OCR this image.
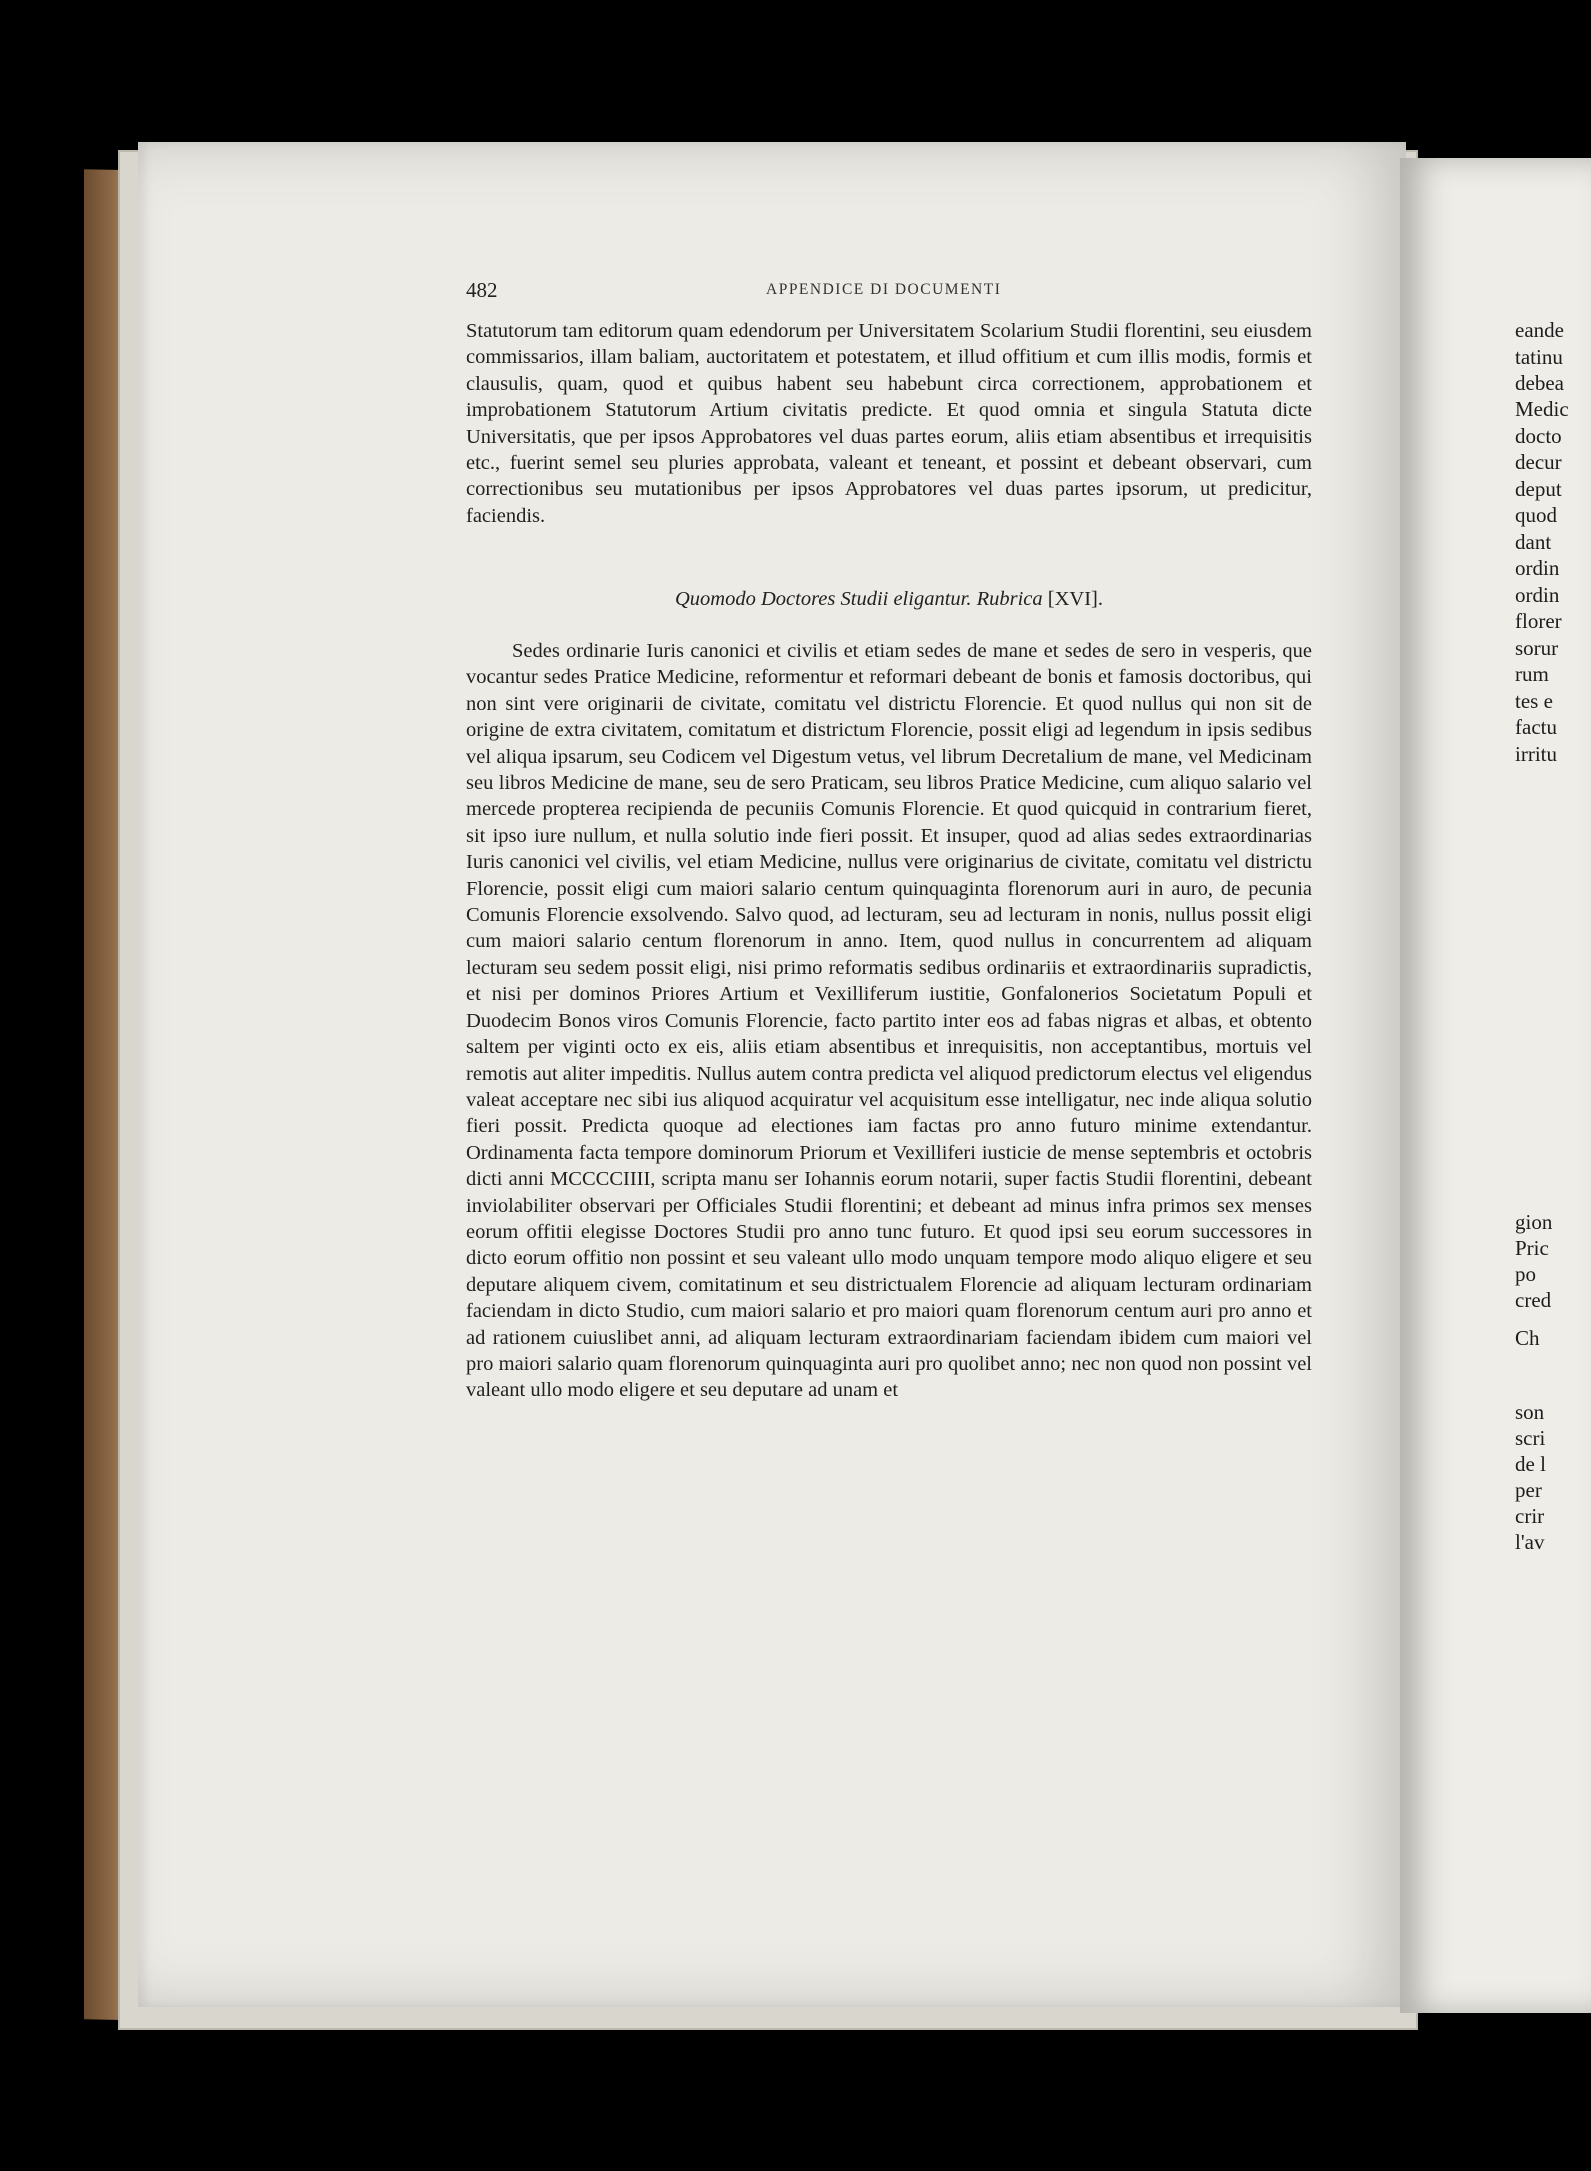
eande
tatinu
debea
Medic
docto
decur
deput
quod
dant
ordin
ordin
florer
sorur
rum
tes e
factu
irritu
gion
Pric
po
cred
Ch
son
scri
de l
per
crir
l'av
482	APPENDICE DI DOCUMENTI
Statutorum tam editorum quam edendorum per Universitatem Scolarium Studii florentini, seu eiusdem commissarios, illam baliam, auctoritatem et potestatem, et illud offitium et cum illis modis, formis et clausulis, quam, quod et quibus habent seu habebunt circa correctionem, approbationem et improbationem Statutorum Artium civitatis predicte. Et quod omnia et singula Statuta dicte Universitatis, que per ipsos Approbatores vel duas partes eorum, aliis etiam absentibus et irrequisitis etc., fuerint semel seu pluries approbata, valeant et teneant, et possint et debeant observari, cum correctionibus seu mutationibus per ipsos Approbatores vel duas partes ipsorum, ut predicitur, faciendis.
Quomodo Doctores Studii eligantur. Rubrica [XVI].
Sedes ordinarie Iuris canonici et civilis et etiam sedes de mane et sedes de sero in vesperis, que vocantur sedes Pratice Medicine, reformentur et reformari debeant de bonis et famosis doctoribus, qui non sint vere originarii de civitate, comitatu vel districtu Florencie. Et quod nullus qui non sit de origine de extra civitatem, comitatum et districtum Florencie, possit eligi ad legendum in ipsis sedibus vel aliqua ipsarum, seu Codicem vel Digestum vetus, vel librum Decretalium de mane, vel Medicinam seu libros Medicine de mane, seu de sero Praticam, seu libros Pratice Medicine, cum aliquo salario vel mercede propterea recipienda de pecuniis Comunis Florencie. Et quod quicquid in contrarium fieret, sit ipso iure nullum, et nulla solutio inde fieri possit. Et insuper, quod ad alias sedes extraordinarias Iuris canonici vel civilis, vel etiam Medicine, nullus vere originarius de civitate, comitatu vel districtu Florencie, possit eligi cum maiori salario centum quinquaginta florenorum auri in auro, de pecunia Comunis Florencie exsolvendo. Salvo quod, ad lecturam, seu ad lecturam in nonis, nullus possit eligi cum maiori salario centum florenorum in anno. Item, quod nullus in concurrentem ad aliquam lecturam seu sedem possit eligi, nisi primo reformatis sedibus ordinariis et extraordinariis supradictis, et nisi per dominos Priores Artium et Vexilliferum iustitie, Gonfalonerios Societatum Populi et Duodecim Bonos viros Comunis Florencie, facto partito inter eos ad fabas nigras et albas, et obtento saltem per viginti octo ex eis, aliis etiam absentibus et inrequisitis, non acceptantibus, mortuis vel remotis aut aliter impeditis. Nullus autem contra predicta vel aliquod predictorum electus vel eligendus valeat acceptare nec sibi ius aliquod acquiratur vel acquisitum esse intelligatur, nec inde aliqua solutio fieri possit. Predicta quoque ad electiones iam factas pro anno futuro minime extendantur. Ordinamenta facta tempore dominorum Priorum et Vexilliferi iusticie de mense septembris et octobris dicti anni MCCCCIIII, scripta manu ser Iohannis eorum notarii, super factis Studii florentini, debeant inviolabiliter observari per Officiales Studii florentini; et debeant ad minus infra primos sex menses eorum offitii elegisse Doctores Studii pro anno tunc futuro. Et quod ipsi seu eorum successores in dicto eorum offitio non possint et seu valeant ullo modo unquam tempore modo aliquo eligere et seu deputare aliquem civem, comitatinum et seu districtualem Florencie ad aliquam lecturam ordinariam faciendam in dicto Studio, cum maiori salario et pro maiori quam florenorum centum auri pro anno et ad rationem cuiuslibet anni, ad aliquam lecturam extraordinariam faciendam ibidem cum maiori vel pro maiori salario quam florenorum quinquaginta auri pro quolibet anno; nec non quod non possint vel valeant ullo modo eligere et seu deputare ad unam et
